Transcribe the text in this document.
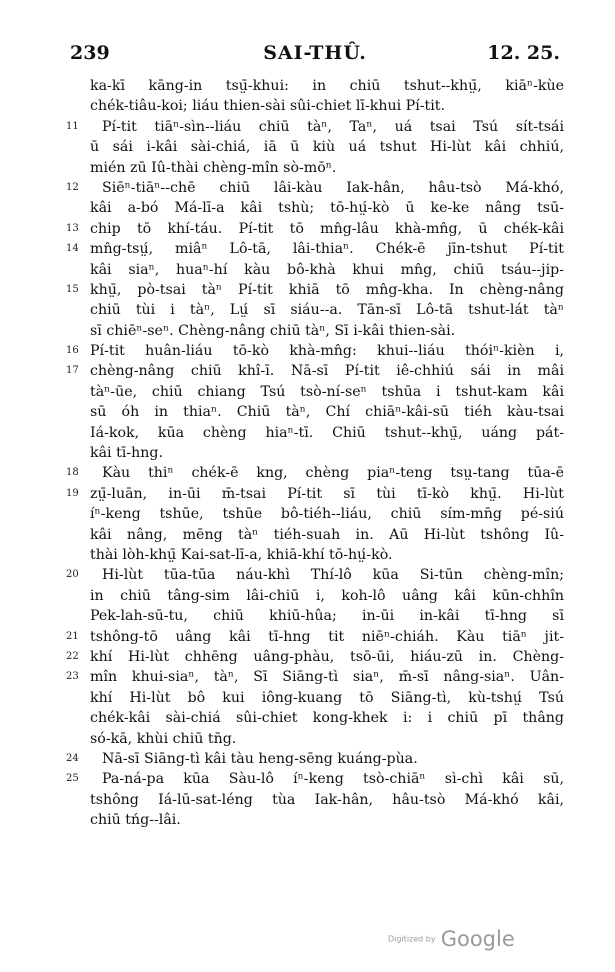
239	SAI-THÛ.	12. 25.
ka-kī kāng-in tsṳ̄-khui: in chiū tshut--khṳ̄, kiāⁿ-kùe
chék-tiâu-koi; liáu thien-sài sûi-chiet lī-khui Pí-tit.
11	Pí-tit tiāⁿ-sìn--liáu chiū tàⁿ, Taⁿ, uá tsai Tsú sít-tsái
ū sái i-kâi sài-chiá, iā ū kiù uá tshut Hi-lùt kâi chhiú,
mién zū Iû-thài chèng-mîn sò-mōⁿ.
12	Siēⁿ-tiāⁿ--chē chiū lâi-kàu Iak-hân, hâu-tsò Má-khó,
kâi a-bó Má-lī-a kâi tshù; tō-hṳ́-kò ū ke-ke nâng tsū-
13 chip tō khí-táu. Pí-tit tō mn̂g-lâu khà-mn̂g, ū chék-kâi
14 mn̂g-tsṳ́, miâⁿ Lô-tā, lâi-thiaⁿ. Chék-ē jīn-tshut Pí-tit
kâi siaⁿ, huaⁿ-hí kàu bô-khà khui mn̂g, chiū tsáu--jip-
15 khṳ̄, pò-tsai tàⁿ Pí-tit khiā tō mn̂g-kha. In chèng-nâng
chiū tùi i tàⁿ, Lṳ́ sī siáu--a. Tān-sī Lô-tā tshut-lát tàⁿ
sī chiēⁿ-seⁿ. Chèng-nâng chiū tàⁿ, Sī i-kâi thien-sài.
16 Pí-tit huân-liáu tō-kò khà-mn̂g: khui--liáu thóiⁿ-kièn i,
17 chèng-nâng chiū khî-ī. Nā-sī Pí-tit iê-chhiú sái in mâi
tàⁿ-ūe, chiū chiang Tsú tsò-ní-seⁿ tshūa i tshut-kam kâi
sū óh in thiaⁿ. Chiū tàⁿ, Chí chiāⁿ-kâi-sū tiéh kàu-tsai
Iá-kok, kūa chèng hiaⁿ-tī. Chiū tshut--khṳ̄, uáng pát-
kâi tī-hng.
18	Kàu thiⁿ chék-ē kng, chèng piaⁿ-teng tsṳ-tang tūa-ē
19 zṳ̄-luān, in-ūi m̄-tsai Pí-tit sī tùi tī-kò khṳ̄. Hi-lùt
íⁿ-keng tshūe, tshūe bô-tiéh--liáu, chiū sím-mn̄g pé-siú
kâi nâng, mēng tàⁿ tiéh-suah in. Aū Hi-lùt tshông Iû-
thài lòh-khṳ̄ Kai-sat-lī-a, khiā-khí tō-hṳ́-kò.
20	Hi-lùt tūa-tūa náu-khì Thí-lô kūa Si-tūn chèng-mîn;
in chiū tâng-sim lâi-chiū i, koh-lô uâng kâi kūn-chhîn
Pek-lah-sū-tu, chiū khiū-hûa; in-ūi in-kâi tī-hng sī
21 tshông-tō uâng kâi tī-hng tit niēⁿ-chiáh. Kàu tiāⁿ jit-
22 khí Hi-lùt chhēng uâng-phàu, tsō-ūi, hiáu-zū in. Chèng-
23 mîn khui-siaⁿ, tàⁿ, Sī Siāng-tì siaⁿ, m̄-sī nâng-siaⁿ. Uân-
khí Hi-lùt bô kui iông-kuang tō Siāng-tì, kù-tshṳ́ Tsú
chék-kâi sài-chiá sûi-chiet kong-khek i: i chiū pī thâng
só-kā, khùi chiū tn̄g.
24	Nā-sī Siāng-tì kâi tàu heng-sēng kuáng-pùa.
25	Pa-ná-pa kūa Sàu-lô íⁿ-keng tsò-chiāⁿ sì-chì kâi sū,
tshông Iá-lū-sat-léng tùa Iak-hân, hâu-tsò Má-khó kâi,
chiū tńg--lâi.
Digitized by Google
